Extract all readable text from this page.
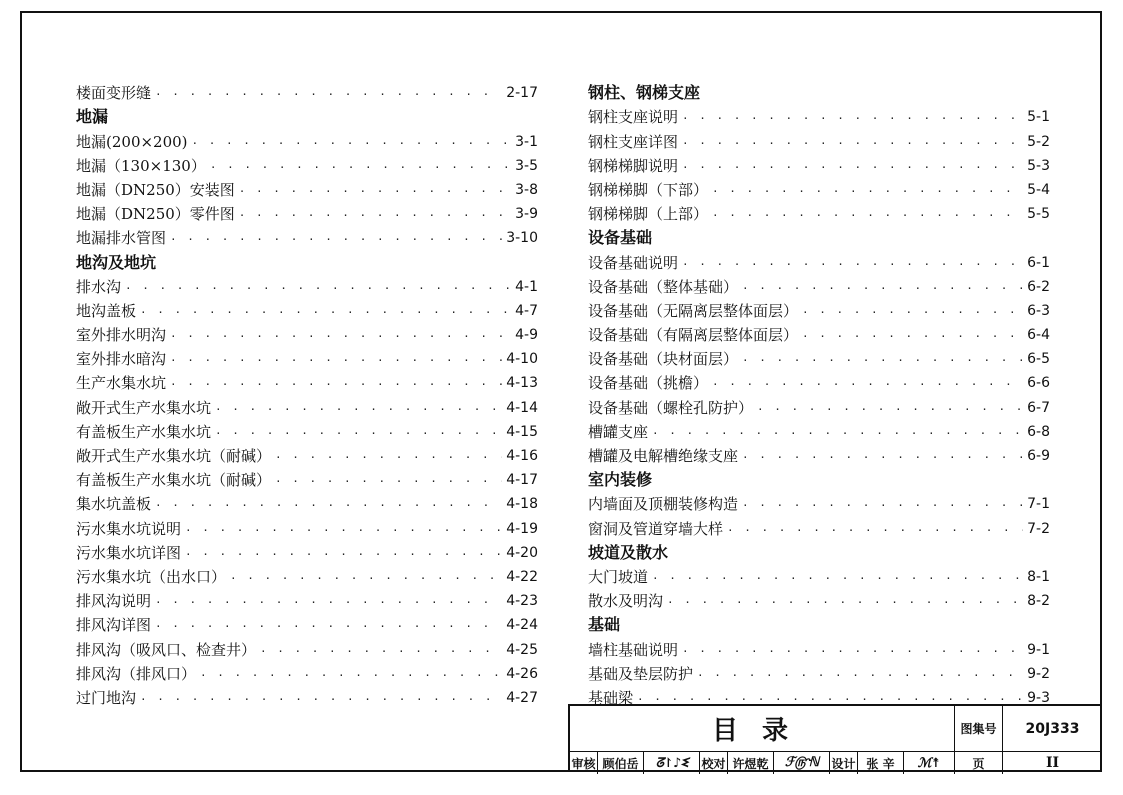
楼面变形缝 · · ·	2-17
地漏
地漏(200×200) · · ·	3-1
地漏（130×130） · · ·	3-5
地漏（DN250）安装图 · · ·	3-8
地漏（DN250）零件图 · · ·	3-9
地漏排水管图 · · ·	3-10
地沟及地坑
排水沟 · · ·	4-1
地沟盖板 · · ·	4-7
室外排水明沟 · · ·	4-9
室外排水暗沟 · · ·	4-10
生产水集水坑 · · ·	4-13
敞开式生产水集水坑 · · ·	4-14
有盖板生产水集水坑 · · ·	4-15
敞开式生产水集水坑（耐碱） · · ·	4-16
有盖板生产水集水坑（耐碱） · · ·	4-17
集水坑盖板 · · ·	4-18
污水集水坑说明 · · ·	4-19
污水集水坑详图 · · ·	4-20
污水集水坑（出水口） · · ·	4-22
排风沟说明 · · ·	4-23
排风沟详图 · · ·	4-24
排风沟（吸风口、检查井） · · ·	4-25
排风沟（排风口） · · ·	4-26
过门地沟 · · ·	4-27
钢柱、钢梯支座
钢柱支座说明 · · ·	5-1
钢柱支座详图 · · ·	5-2
钢梯梯脚说明 · · ·	5-3
钢梯梯脚（下部） · · ·	5-4
钢梯梯脚（上部） · · ·	5-5
设备基础
设备基础说明 · · ·	6-1
设备基础（整体基础） · · ·	6-2
设备基础（无隔离层整体面层） · · ·	6-3
设备基础（有隔离层整体面层） · · ·	6-4
设备基础（块材面层） · · ·	6-5
设备基础（挑檐） · · ·	6-6
设备基础（螺栓孔防护） · · ·	6-7
槽罐支座 · · ·	6-8
槽罐及电解槽绝缘支座 · · ·	6-9
室内装修
内墙面及顶棚装修构造 · · ·	7-1
窗洞及管道穿墙大样 · · ·	7-2
坡道及散水
大门坡道 · · ·	8-1
散水及明沟 · · ·	8-2
基础
墙柱基础说明 · · ·	9-1
基础及垫层防护 · · ·	9-2
基础梁 · · ·	9-3
目录	图集号	20J333
审核 顾伯岳	ᘔ↾♪ᓬ 校对 许煜乾	ℱ௹ℕ 设计 张 辛	ℳ↟	页	II
